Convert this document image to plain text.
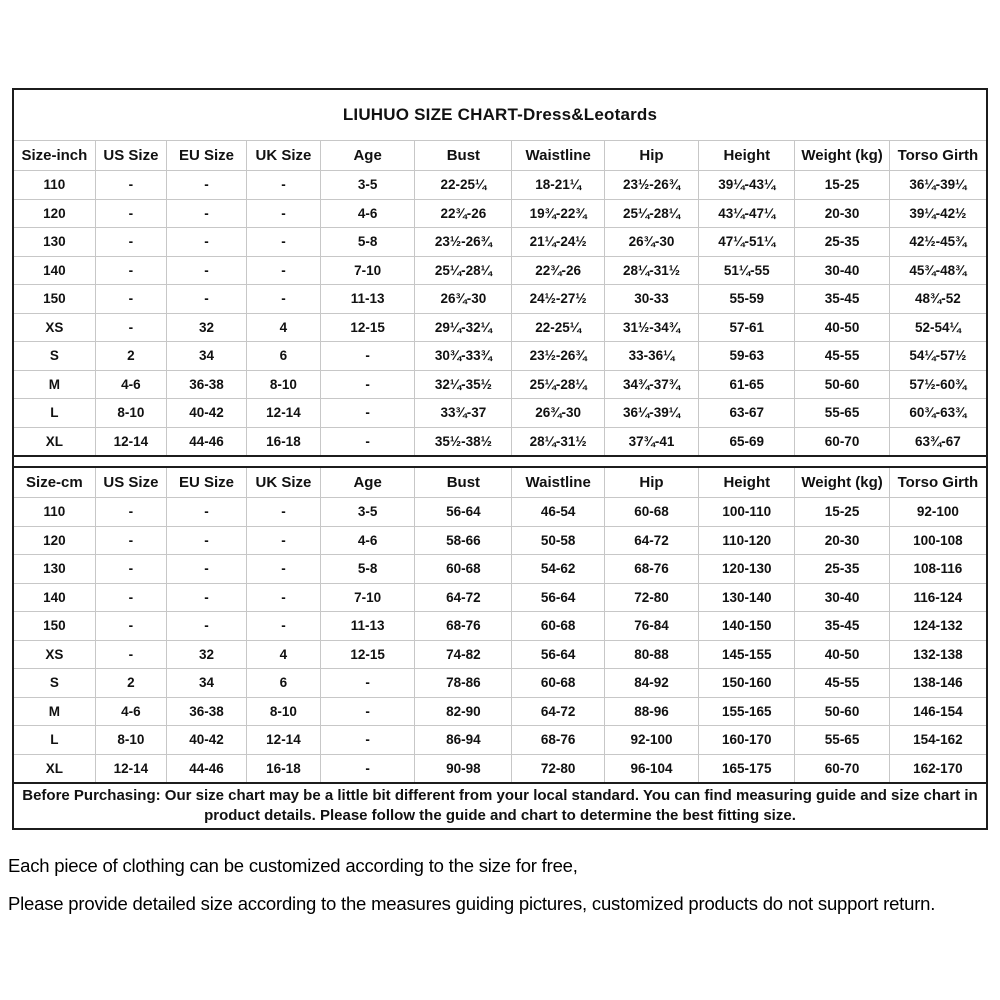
LIUHUO SIZE CHART-Dress&Leotards
Size-inch	US Size	EU Size	UK Size	Age	Bust	Waistline	Hip	Height	Weight (kg)	Torso Girth
110	-	-	-	3-5	22-25¼	18-21¼	23½-26¾	39¼-43¼	15-25	36¼-39¼
120	-	-	-	4-6	22¾-26	19¾-22¾	25¼-28¼	43¼-47¼	20-30	39¼-42½
130	-	-	-	5-8	23½-26¾	21¼-24½	26¾-30	47¼-51¼	25-35	42½-45¾
140	-	-	-	7-10	25¼-28¼	22¾-26	28¼-31½	51¼-55	30-40	45¾-48¾
150	-	-	-	11-13	26¾-30	24½-27½	30-33	55-59	35-45	48¾-52
XS	-	32	4	12-15	29¼-32¼	22-25¼	31½-34¾	57-61	40-50	52-54¼
S	2	34	6	-	30¾-33¾	23½-26¾	33-36¼	59-63	45-55	54¼-57½
M	4-6	36-38	8-10	-	32¼-35½	25¼-28¼	34¾-37¾	61-65	50-60	57½-60¾
L	8-10	40-42	12-14	-	33¾-37	26¾-30	36¼-39¼	63-67	55-65	60¾-63¾
XL	12-14	44-46	16-18	-	35½-38½	28¼-31½	37¾-41	65-69	60-70	63¾-67
Size-cm	US Size	EU Size	UK Size	Age	Bust	Waistline	Hip	Height	Weight (kg)	Torso Girth
110	-	-	-	3-5	56-64	46-54	60-68	100-110	15-25	92-100
120	-	-	-	4-6	58-66	50-58	64-72	110-120	20-30	100-108
130	-	-	-	5-8	60-68	54-62	68-76	120-130	25-35	108-116
140	-	-	-	7-10	64-72	56-64	72-80	130-140	30-40	116-124
150	-	-	-	11-13	68-76	60-68	76-84	140-150	35-45	124-132
XS	-	32	4	12-15	74-82	56-64	80-88	145-155	40-50	132-138
S	2	34	6	-	78-86	60-68	84-92	150-160	45-55	138-146
M	4-6	36-38	8-10	-	82-90	64-72	88-96	155-165	50-60	146-154
L	8-10	40-42	12-14	-	86-94	68-76	92-100	160-170	55-65	154-162
XL	12-14	44-46	16-18	-	90-98	72-80	96-104	165-175	60-70	162-170
Before Purchasing: Our size chart may be a little bit different from your local standard. You can find measuring guide and size chart in product details. Please follow the guide and chart to determine the best fitting size.
Each piece of clothing can be customized according to the size for free,
Please provide detailed size according to the measures guiding pictures, customized products do not support return.
